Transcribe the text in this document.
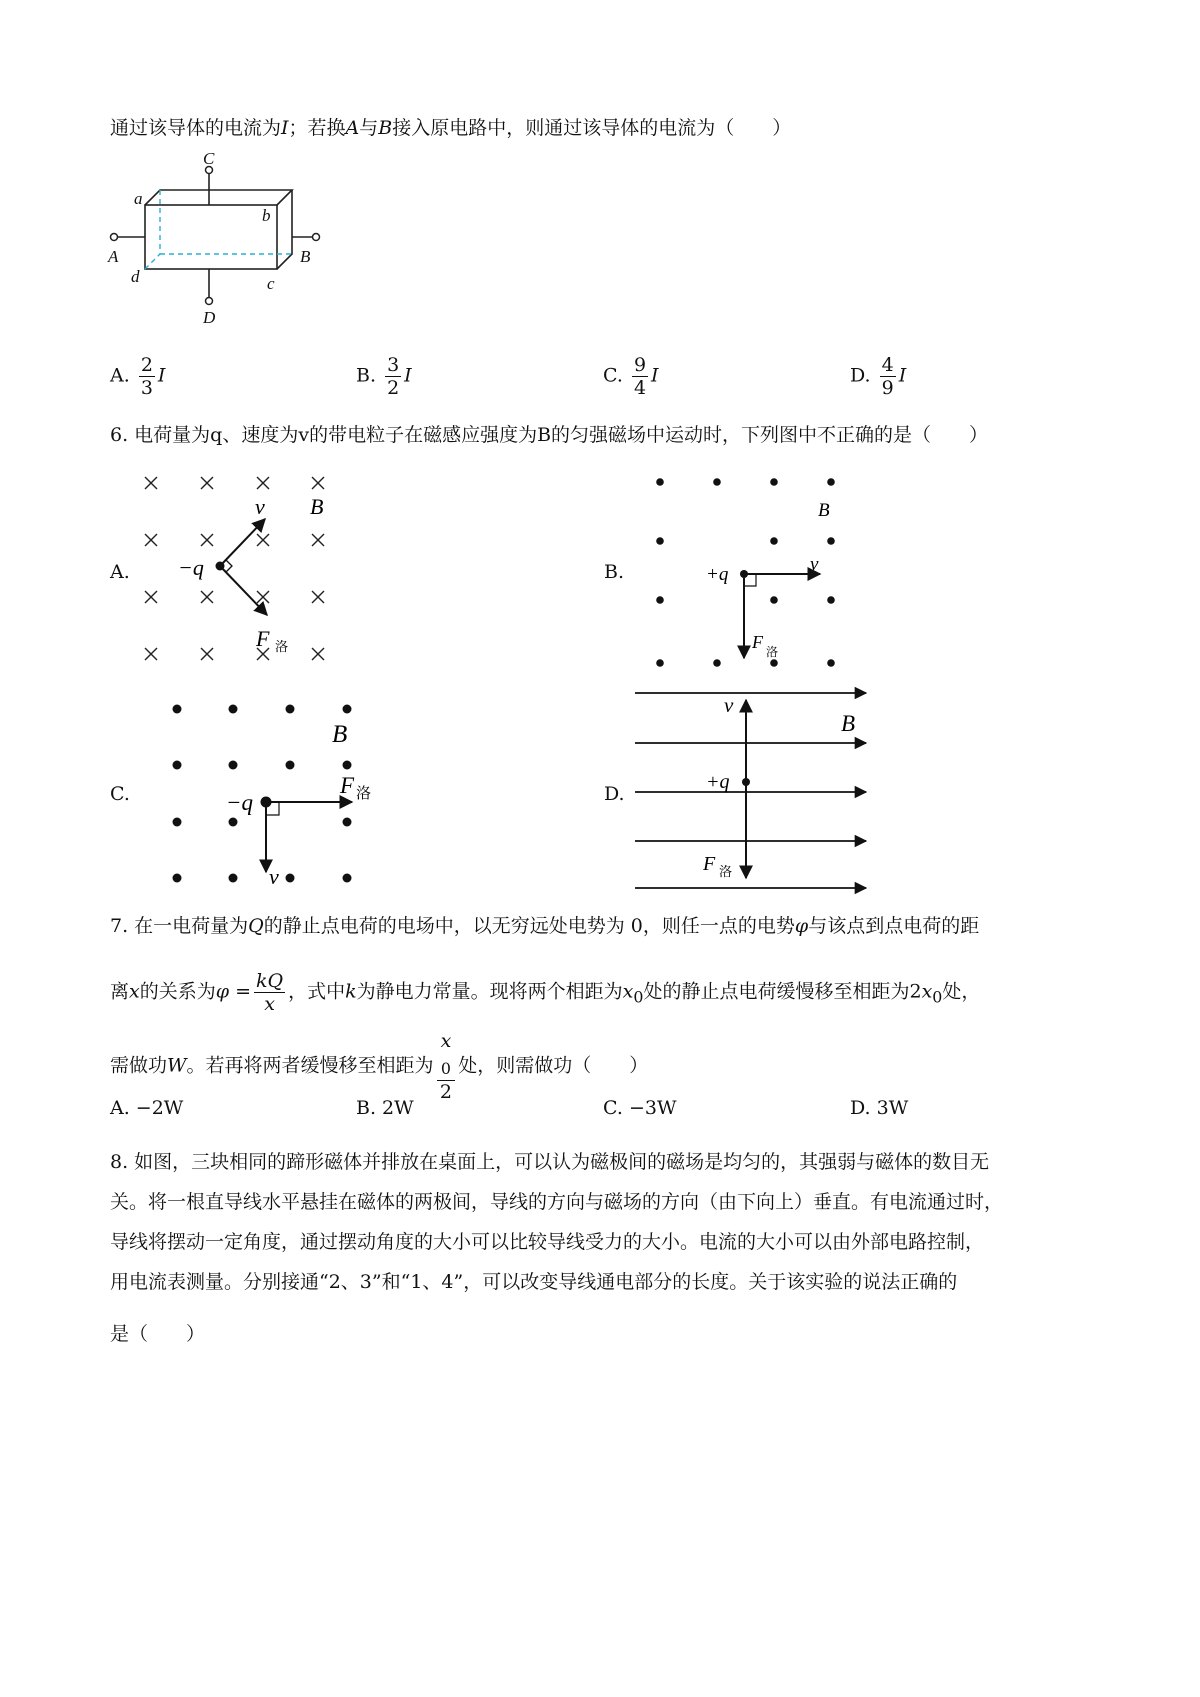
通过该导体的电流为I；若换A与B接入原电路中，则通过该导体的电流为（　　）
C
a
b
A	B
d	c
D
A. $\frac{2}{3}$ I	B. $\frac{3}{2}$ I	C. $\frac{9}{4}$ I	D. $\frac{4}{9}$ I
6. 电荷量为q、速度为v的带电粒子在磁感应强度为B的匀强磁场中运动时，下列图中不正确的是（　　）
v B
−q
F 洛
v
B
+q
F 洛
B
−q
F 洛
v
v
B
+q
F 洛
A.	B.
C.	D.
7. 在一电荷量为Q的静止点电荷的电场中，以无穷远处电势为 0，则任一点的电势φ与该点到点电荷的距
离x的关系为$\varphi = \frac{kQ}{x}$ ，式中k为静电力常量。现将两个相距为$x_0$处的静止点电荷缓慢移至相距为$2x_0$处，
需做功W。若再将两者缓慢移至相距为 x
$_0$
2 处，则需做功（　　）
A. −2W	B. 2W	C. −3W	D. 3W
8. 如图，三块相同的蹄形磁体并排放在桌面上，可以认为磁极间的磁场是均匀的，其强弱与磁体的数目无
关。将一根直导线水平悬挂在磁体的两极间，导线的方向与磁场的方向（由下向上）垂直。有电流通过时，
导线将摆动一定角度，通过摆动角度的大小可以比较导线受力的大小。电流的大小可以由外部电路控制，
用电流表测量。分别接通“2、3”和“1、4”，可以改变导线通电部分的长度。关于该实验的说法正确的
是（　　）
